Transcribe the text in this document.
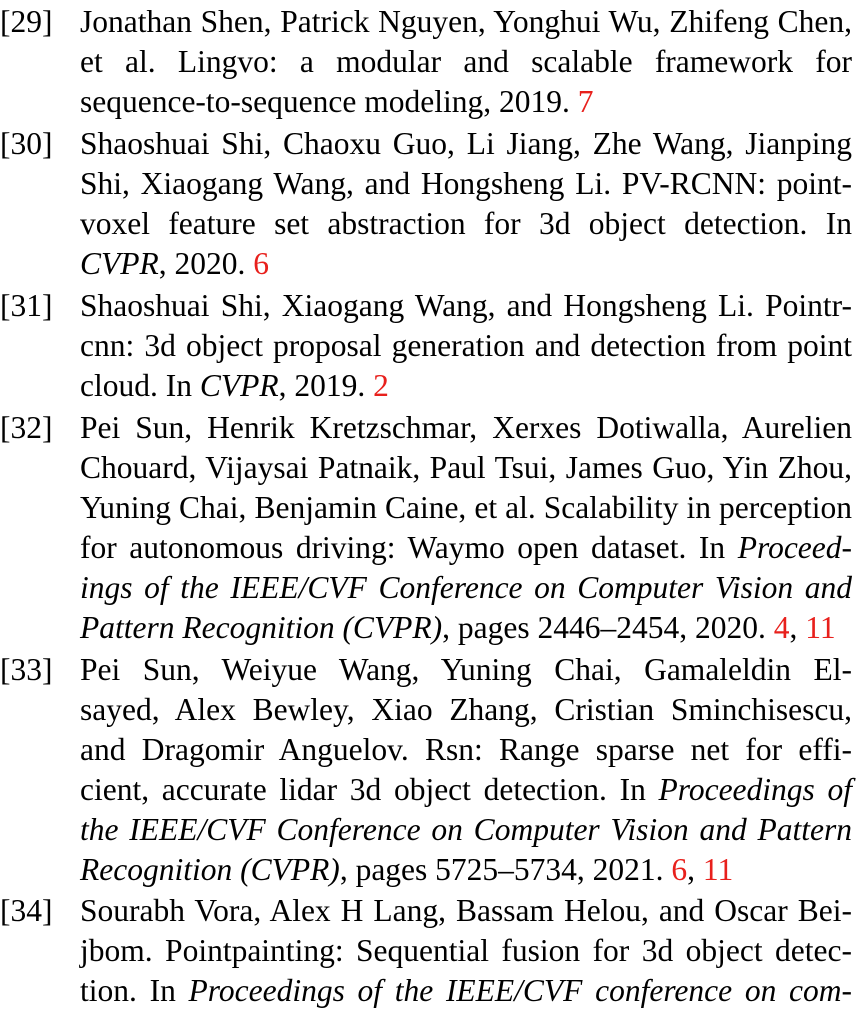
[29] Jonathan Shen, Patrick Nguyen, Yonghui Wu, Zhifeng Chen,
et al. Lingvo: a modular and scalable framework for
sequence-to-sequence modeling, 2019. 7
[30] Shaoshuai Shi, Chaoxu Guo, Li Jiang, Zhe Wang, Jianping
Shi, Xiaogang Wang, and Hongsheng Li. PV-RCNN: point-
voxel feature set abstraction for 3d object detection. In
CVPR, 2020. 6
[31] Shaoshuai Shi, Xiaogang Wang, and Hongsheng Li. Pointr-
cnn: 3d object proposal generation and detection from point
cloud. In CVPR, 2019. 2
[32] Pei Sun, Henrik Kretzschmar, Xerxes Dotiwalla, Aurelien
Chouard, Vijaysai Patnaik, Paul Tsui, James Guo, Yin Zhou,
Yuning Chai, Benjamin Caine, et al. Scalability in perception
for autonomous driving: Waymo open dataset. In Proceed-
ings of the IEEE/CVF Conference on Computer Vision and
Pattern Recognition (CVPR), pages 2446–2454, 2020. 4, 11
[33] Pei Sun, Weiyue Wang, Yuning Chai, Gamaleldin El-
sayed, Alex Bewley, Xiao Zhang, Cristian Sminchisescu,
and Dragomir Anguelov. Rsn: Range sparse net for effi-
cient, accurate lidar 3d object detection. In Proceedings of
the IEEE/CVF Conference on Computer Vision and Pattern
Recognition (CVPR), pages 5725–5734, 2021. 6, 11
[34] Sourabh Vora, Alex H Lang, Bassam Helou, and Oscar Bei-
jbom. Pointpainting: Sequential fusion for 3d object detec-
tion. In Proceedings of the IEEE/CVF conference on com-
